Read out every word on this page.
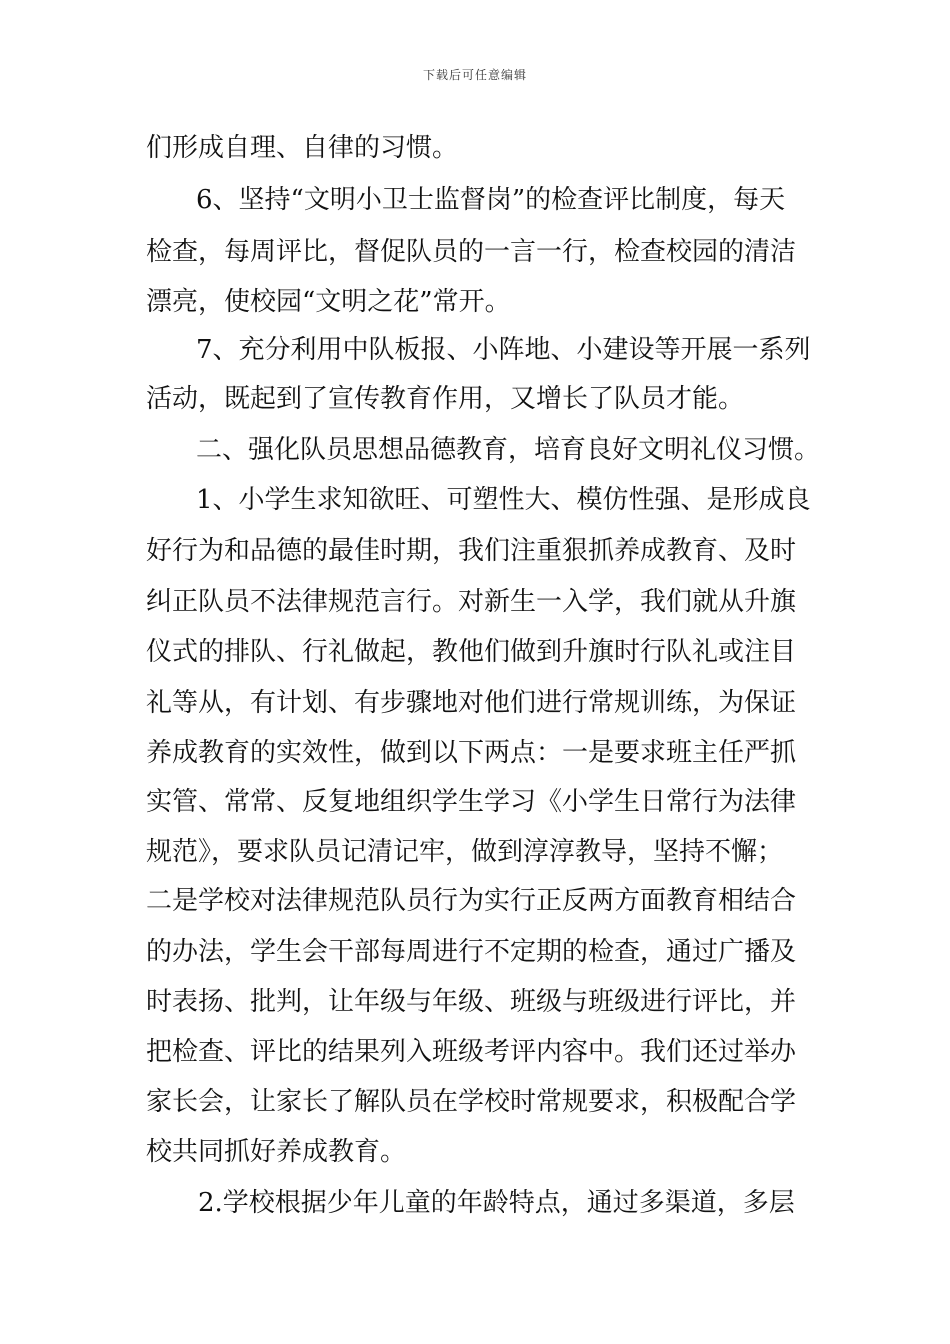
下载后可任意编辑
们形成自理、自律的习惯。
6、坚持“文明小卫士监督岗”的检查评比制度，每天
检查，每周评比，督促队员的一言一行，检查校园的清洁
漂亮，使校园“文明之花”常开。
7、充分利用中队板报、小阵地、小建设等开展一系列
活动，既起到了宣传教育作用，又增长了队员才能。
二、强化队员思想品德教育，培育良好文明礼仪习惯。
1、小学生求知欲旺、可塑性大、模仿性强、是形成良
好行为和品德的最佳时期，我们注重狠抓养成教育、及时
纠正队员不法律规范言行。对新生一入学，我们就从升旗
仪式的排队、行礼做起，教他们做到升旗时行队礼或注目
礼等从，有计划、有步骤地对他们进行常规训练，为保证
养成教育的实效性，做到以下两点：一是要求班主任严抓
实管、常常、反复地组织学生学习《小学生日常行为法律
规范》，要求队员记清记牢，做到淳淳教导，坚持不懈；
二是学校对法律规范队员行为实行正反两方面教育相结合
的办法，学生会干部每周进行不定期的检查，通过广播及
时表扬、批判，让年级与年级、班级与班级进行评比，并
把检查、评比的结果列入班级考评内容中。我们还过举办
家长会，让家长了解队员在学校时常规要求，积极配合学
校共同抓好养成教育。
2.学校根据少年儿童的年龄特点，通过多渠道，多层
